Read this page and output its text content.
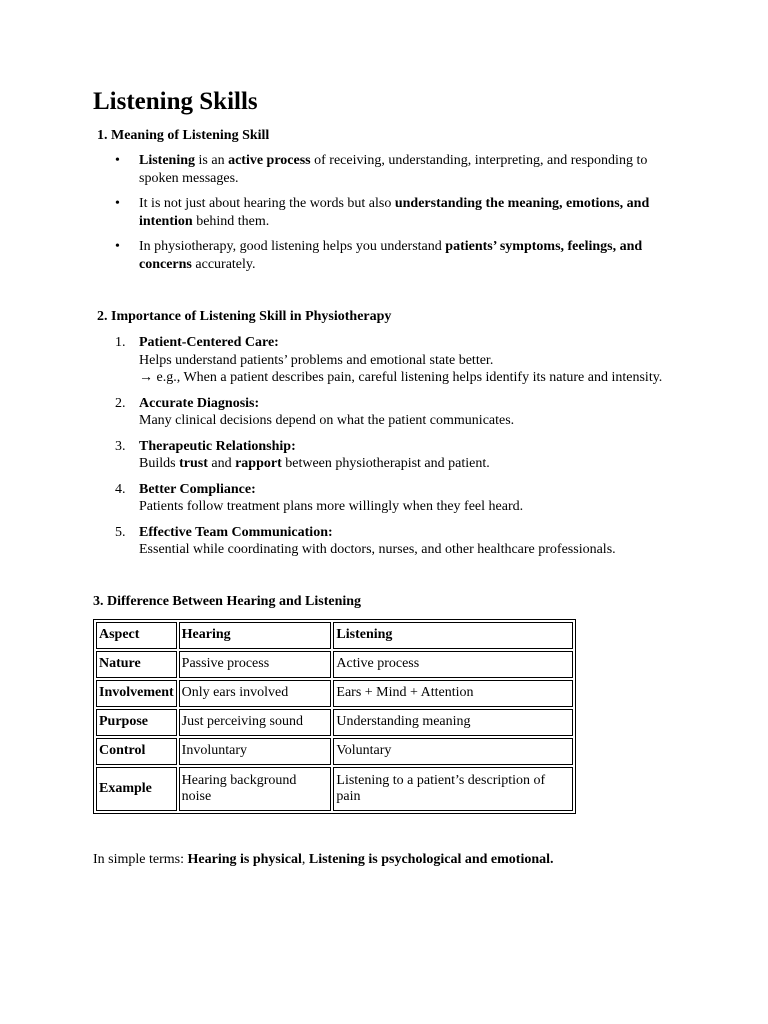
Listening Skills

1. Meaning of Listening Skill

• Listening is an active process of receiving, understanding, interpreting, and responding to spoken messages.
• It is not just about hearing the words but also understanding the meaning, emotions, and intention behind them.
• In physiotherapy, good listening helps you understand patients’ symptoms, feelings, and concerns accurately.

2. Importance of Listening Skill in Physiotherapy

1. Patient-Centered Care:
Helps understand patients’ problems and emotional state better.
→ e.g., When a patient describes pain, careful listening helps identify its nature and intensity.
2. Accurate Diagnosis:
Many clinical decisions depend on what the patient communicates.
3. Therapeutic Relationship:
Builds trust and rapport between physiotherapist and patient.
4. Better Compliance:
Patients follow treatment plans more willingly when they feel heard.
5. Effective Team Communication:
Essential while coordinating with doctors, nurses, and other healthcare professionals.

3. Difference Between Hearing and Listening

Aspect	Hearing	Listening
Nature	Passive process	Active process
Involvement	Only ears involved	Ears + Mind + Attention
Purpose	Just perceiving sound	Understanding meaning
Control	Involuntary	Voluntary
Example	Hearing background noise	Listening to a patient’s description of pain

In simple terms: Hearing is physical, Listening is psychological and emotional.
